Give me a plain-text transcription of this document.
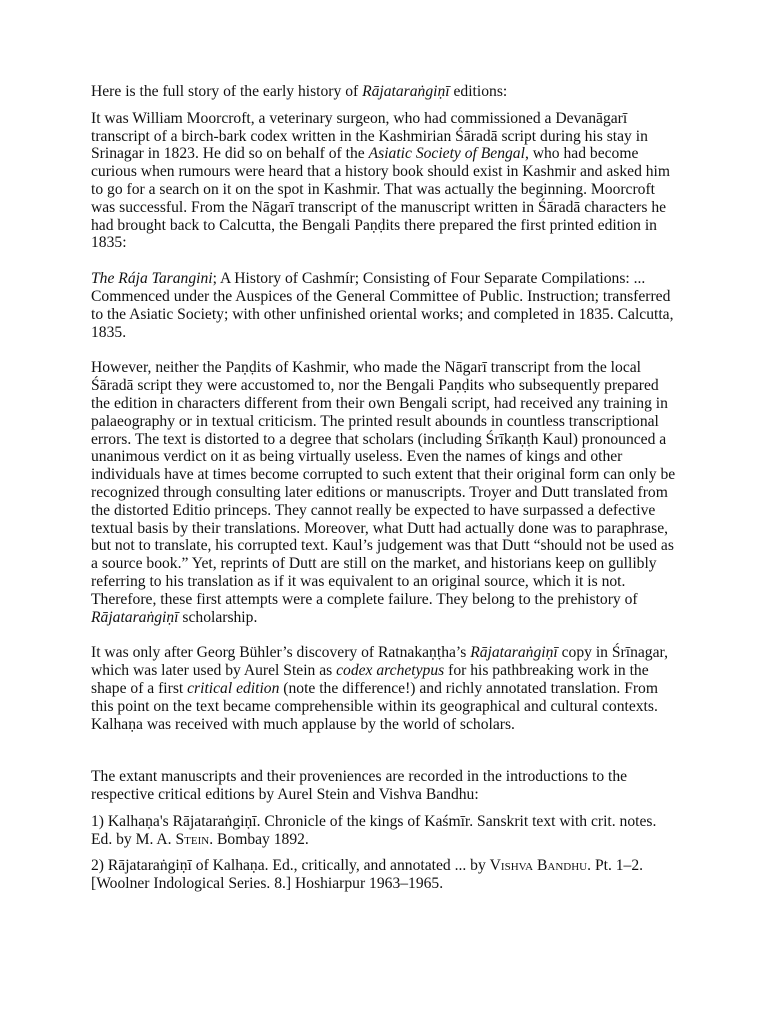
Here is the full story of the early history of Rājataraṅgiṇī editions:

It was William Moorcroft, a veterinary surgeon, who had commissioned a Devanāgarī transcript of a birch-bark codex written in the Kashmirian Śāradā script during his stay in Srinagar in 1823. He did so on behalf of the Asiatic Society of Bengal, who had become curious when rumours were heard that a history book should exist in Kashmir and asked him to go for a search on it on the spot in Kashmir. That was actually the beginning. Moorcroft was successful. From the Nāgarī transcript of the manuscript written in Śāradā characters he had brought back to Calcutta, the Bengali Paṇḍits there prepared the first printed edition in 1835:

The Rája Tarangini; A History of Cashmír; Consisting of Four Separate Compilations: ... Commenced under the Auspices of the General Committee of Public. Instruction; transferred to the Asiatic Society; with other unfinished oriental works; and completed in 1835. Calcutta, 1835.

However, neither the Paṇḍits of Kashmir, who made the Nāgarī transcript from the local Śāradā script they were accustomed to, nor the Bengali Paṇḍits who subsequently prepared the edition in characters different from their own Bengali script, had received any training in palaeography or in textual criticism. The printed result abounds in countless transcriptional errors. The text is distorted to a degree that scholars (including Śrīkaṇṭh Kaul) pronounced a unanimous verdict on it as being virtually useless. Even the names of kings and other individuals have at times become corrupted to such extent that their original form can only be recognized through consulting later editions or manuscripts. Troyer and Dutt translated from the distorted Editio princeps. They cannot really be expected to have surpassed a defective textual basis by their translations. Moreover, what Dutt had actually done was to paraphrase, but not to translate, his corrupted text. Kaul’s judgement was that Dutt “should not be used as a source book.” Yet, reprints of Dutt are still on the market, and historians keep on gullibly referring to his translation as if it was equivalent to an original source, which it is not. Therefore, these first attempts were a complete failure. They belong to the prehistory of Rājataraṅgiṇī scholarship.

It was only after Georg Bühler’s discovery of Ratnakaṇṭha’s Rājataraṅgiṇī copy in Śrīnagar, which was later used by Aurel Stein as codex archetypus for his pathbreaking work in the shape of a first critical edition (note the difference!) and richly annotated translation. From this point on the text became comprehensible within its geographical and cultural contexts. Kalhaṇa was received with much applause by the world of scholars.

The extant manuscripts and their proveniences are recorded in the introductions to the respective critical editions by Aurel Stein and Vishva Bandhu:

1) Kalhaṇa's Rājataraṅgiṇī. Chronicle of the kings of Kaśmīr. Sanskrit text with crit. notes. Ed. by M. A. Stein. Bombay 1892.

2) Rājataraṅgiṇī of Kalhaṇa. Ed., critically, and annotated ... by Vishva Bandhu. Pt. 1–2. [Woolner Indological Series. 8.] Hoshiarpur 1963–1965.
